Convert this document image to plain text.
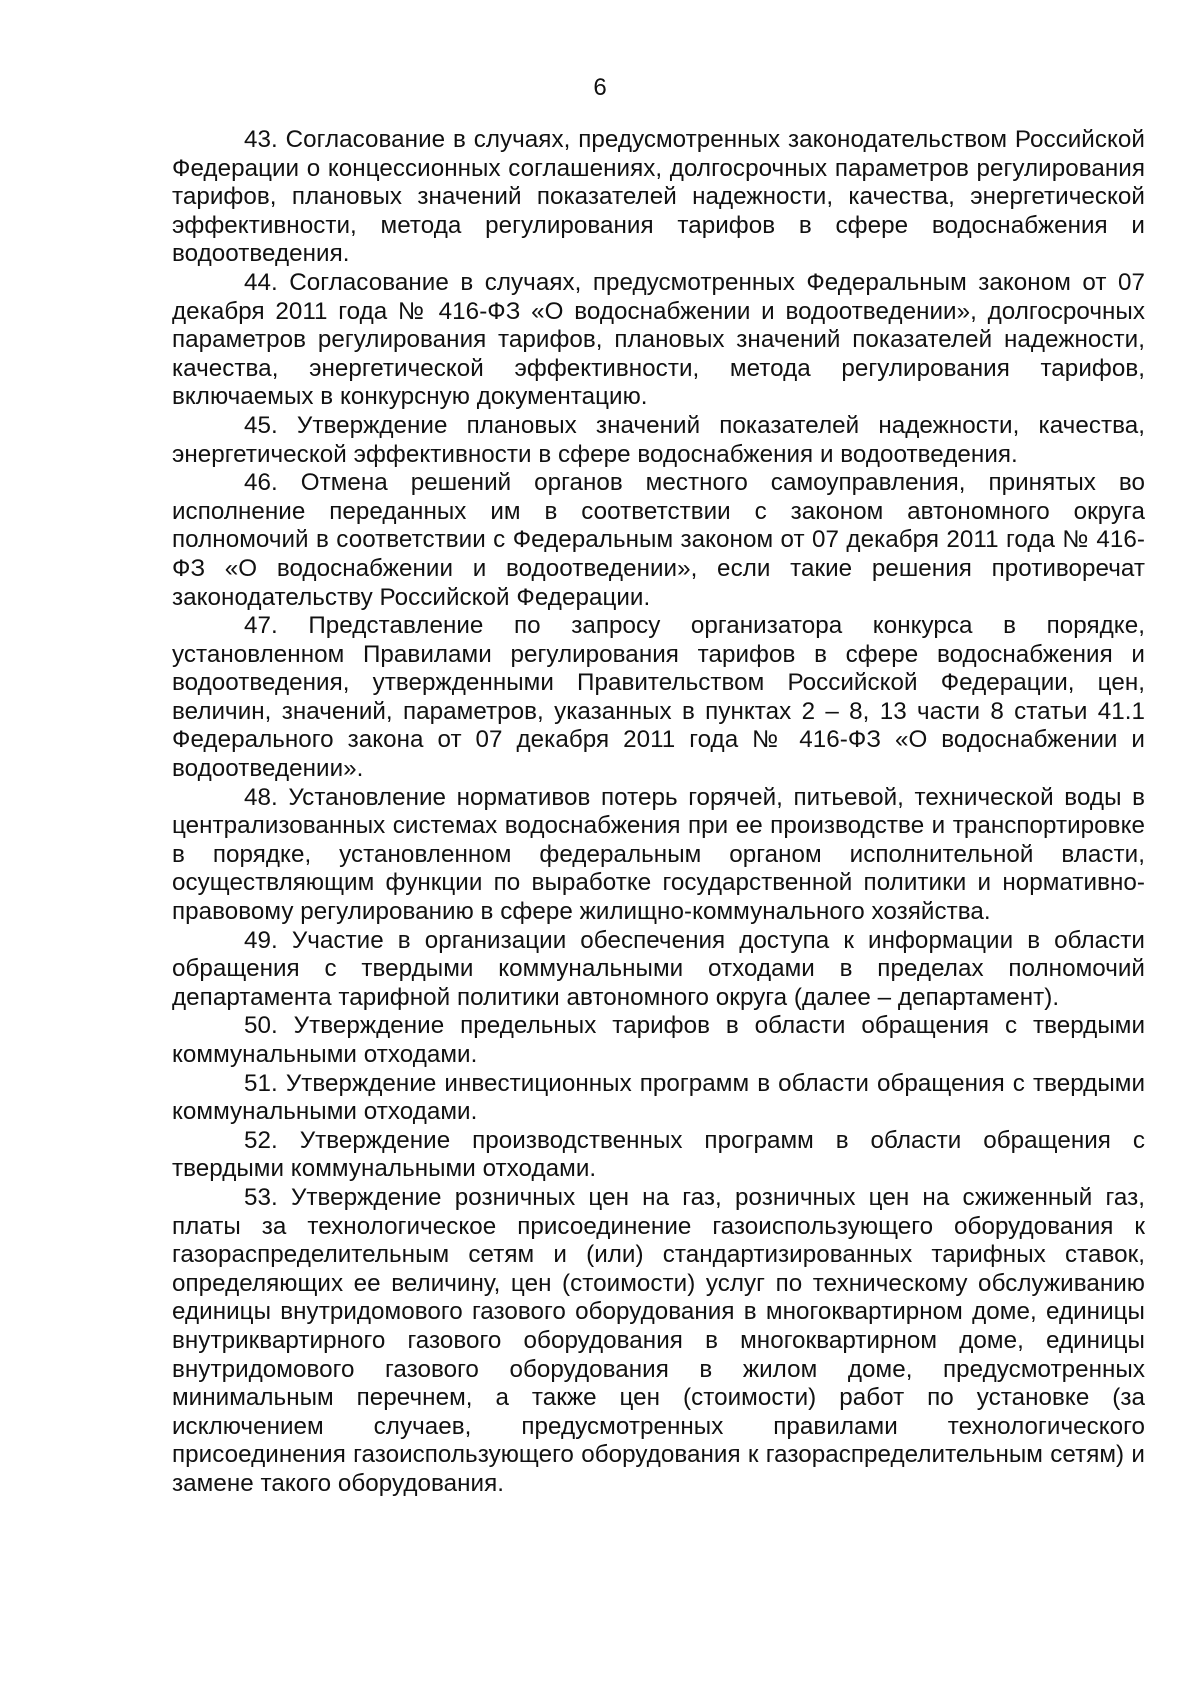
6

43. Согласование в случаях, предусмотренных законодательством Российской Федерации о концессионных соглашениях, долгосрочных параметров регулирования тарифов, плановых значений показателей надежности, качества, энергетической эффективности, метода регулирования тарифов в сфере водоснабжения и водоотведения.

44. Согласование в случаях, предусмотренных Федеральным законом от 07 декабря 2011 года № 416-ФЗ «О водоснабжении и водоотведении», долгосрочных параметров регулирования тарифов, плановых значений показателей надежности, качества, энергетической эффективности, метода регулирования тарифов, включаемых в конкурсную документацию.

45. Утверждение плановых значений показателей надежности, качества, энергетической эффективности в сфере водоснабжения и водоотведения.

46. Отмена решений органов местного самоуправления, принятых во исполнение переданных им в соответствии с законом автономного округа полномочий в соответствии с Федеральным законом от 07 декабря 2011 года № 416-ФЗ «О водоснабжении и водоотведении», если такие решения противоречат законодательству Российской Федерации.

47. Представление по запросу организатора конкурса в порядке, установленном Правилами регулирования тарифов в сфере водоснабжения и водоотведения, утвержденными Правительством Российской Федерации, цен, величин, значений, параметров, указанных в пунктах 2 – 8, 13 части 8 статьи 41.1 Федерального закона от 07 декабря 2011 года № 416-ФЗ «О водоснабжении и водоотведении».

48. Установление нормативов потерь горячей, питьевой, технической воды в централизованных системах водоснабжения при ее производстве и транспортировке в порядке, установленном федеральным органом исполнительной власти, осуществляющим функции по выработке государственной политики и нормативно-правовому регулированию в сфере жилищно-коммунального хозяйства.

49. Участие в организации обеспечения доступа к информации в области обращения с твердыми коммунальными отходами в пределах полномочий департамента тарифной политики автономного округа (далее – департамент).

50. Утверждение предельных тарифов в области обращения с твердыми коммунальными отходами.

51. Утверждение инвестиционных программ в области обращения с твердыми коммунальными отходами.

52. Утверждение производственных программ в области обращения с твердыми коммунальными отходами.

53. Утверждение розничных цен на газ, розничных цен на сжиженный газ, платы за технологическое присоединение газоиспользующего оборудования к газораспределительным сетям и (или) стандартизированных тарифных ставок, определяющих ее величину, цен (стоимости) услуг по техническому обслуживанию единицы внутридомового газового оборудования в многоквартирном доме, единицы внутриквартирного газового оборудования в многоквартирном доме, единицы внутридомового газового оборудования в жилом доме, предусмотренных минимальным перечнем, а также цен (стоимости) работ по установке (за исключением случаев, предусмотренных правилами технологического присоединения газоиспользующего оборудования к газораспределительным сетям) и замене такого оборудования.
